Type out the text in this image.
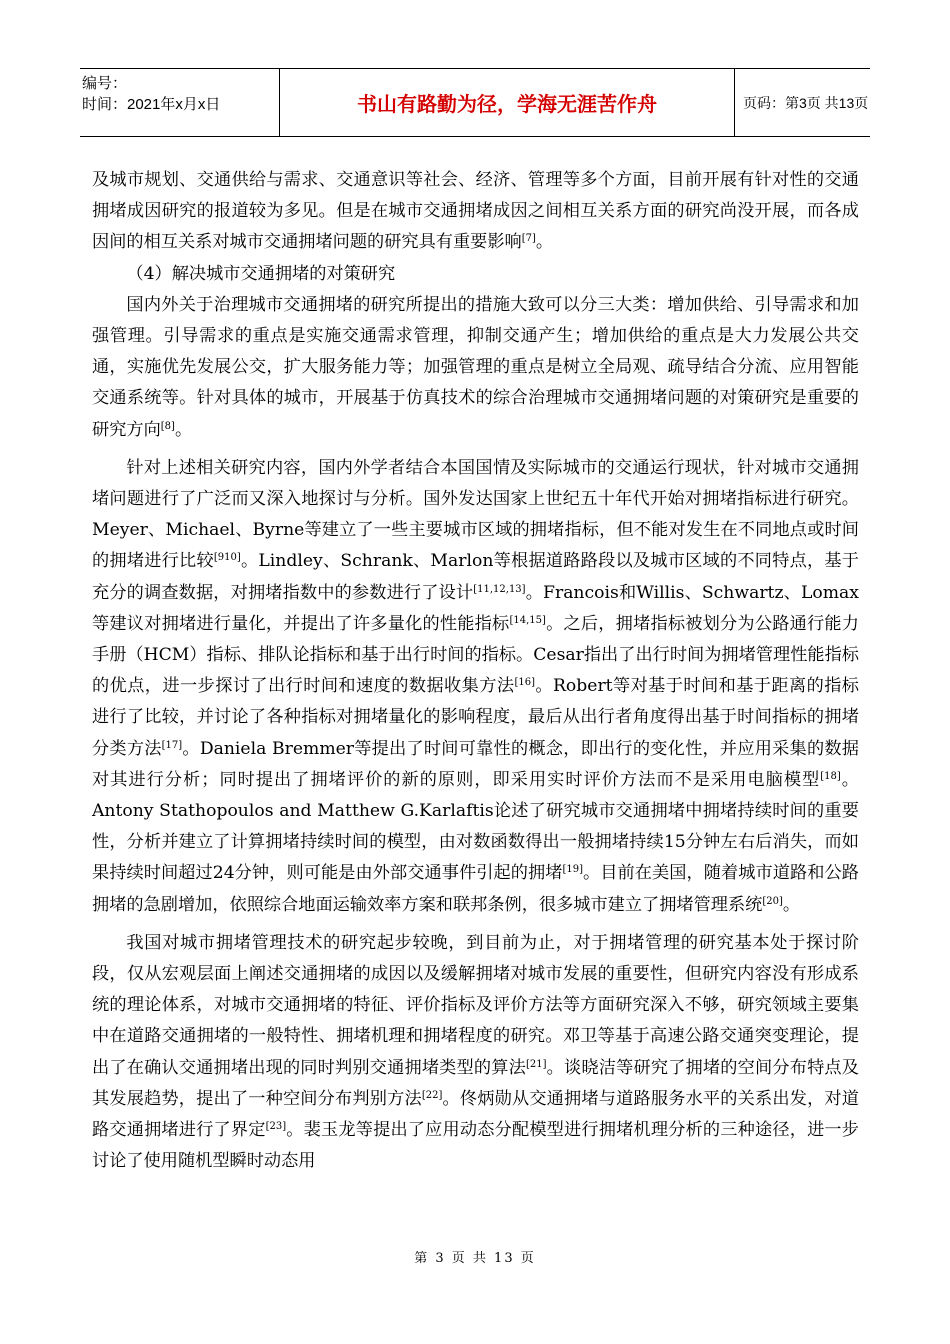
编号：
时间：2021年x月x日	书山有路勤为径，学海无涯苦作舟	页码：第3页 共13页

及城市规划、交通供给与需求、交通意识等社会、经济、管理等多个方面，目前开展有针对性的交通拥堵成因研究的报道较为多见。但是在城市交通拥堵成因之间相互关系方面的研究尚没开展，而各成因间的相互关系对城市交通拥堵问题的研究具有重要影响[7]。

（4）解决城市交通拥堵的对策研究

国内外关于治理城市交通拥堵的研究所提出的措施大致可以分三大类：增加供给、引导需求和加强管理。引导需求的重点是实施交通需求管理，抑制交通产生；增加供给的重点是大力发展公共交通，实施优先发展公交，扩大服务能力等；加强管理的重点是树立全局观、疏导结合分流、应用智能交通系统等。针对具体的城市，开展基于仿真技术的综合治理城市交通拥堵问题的对策研究是重要的研究方向[8]。

针对上述相关研究内容，国内外学者结合本国国情及实际城市的交通运行现状，针对城市交通拥堵问题进行了广泛而又深入地探讨与分析。国外发达国家上世纪五十年代开始对拥堵指标进行研究。Meyer、Michael、Byrne等建立了一些主要城市区域的拥堵指标，但不能对发生在不同地点或时间的拥堵进行比较[910]。Lindley、Schrank、Marlon等根据道路路段以及城市区域的不同特点，基于充分的调查数据，对拥堵指数中的参数进行了设计[11,12,13]。Francois和Willis、Schwartz、Lomax等建议对拥堵进行量化，并提出了许多量化的性能指标[14,15]。之后，拥堵指标被划分为公路通行能力手册（HCM）指标、排队论指标和基于出行时间的指标。Cesar指出了出行时间为拥堵管理性能指标的优点，进一步探讨了出行时间和速度的数据收集方法[16]。Robert等对基于时间和基于距离的指标进行了比较，并讨论了各种指标对拥堵量化的影响程度，最后从出行者角度得出基于时间指标的拥堵分类方法[17]。Daniela Bremmer等提出了时间可靠性的概念，即出行的变化性，并应用采集的数据对其进行分析；同时提出了拥堵评价的新的原则，即采用实时评价方法而不是采用电脑模型[18]。Antony Stathopoulos and Matthew G.Karlaftis论述了研究城市交通拥堵中拥堵持续时间的重要性，分析并建立了计算拥堵持续时间的模型，由对数函数得出一般拥堵持续15分钟左右后消失，而如果持续时间超过24分钟，则可能是由外部交通事件引起的拥堵[19]。目前在美国，随着城市道路和公路拥堵的急剧增加，依照综合地面运输效率方案和联邦条例，很多城市建立了拥堵管理系统[20]。

我国对城市拥堵管理技术的研究起步较晚，到目前为止，对于拥堵管理的研究基本处于探讨阶段，仅从宏观层面上阐述交通拥堵的成因以及缓解拥堵对城市发展的重要性，但研究内容没有形成系统的理论体系，对城市交通拥堵的特征、评价指标及评价方法等方面研究深入不够，研究领域主要集中在道路交通拥堵的一般特性、拥堵机理和拥堵程度的研究。邓卫等基于高速公路交通突变理论，提出了在确认交通拥堵出现的同时判别交通拥堵类型的算法[21]。谈晓洁等研究了拥堵的空间分布特点及其发展趋势，提出了一种空间分布判别方法[22]。佟炳勋从交通拥堵与道路服务水平的关系出发，对道路交通拥堵进行了界定[23]。裴玉龙等提出了应用动态分配模型进行拥堵机理分析的三种途径，进一步讨论了使用随机型瞬时动态用

第 3 页 共 13 页
